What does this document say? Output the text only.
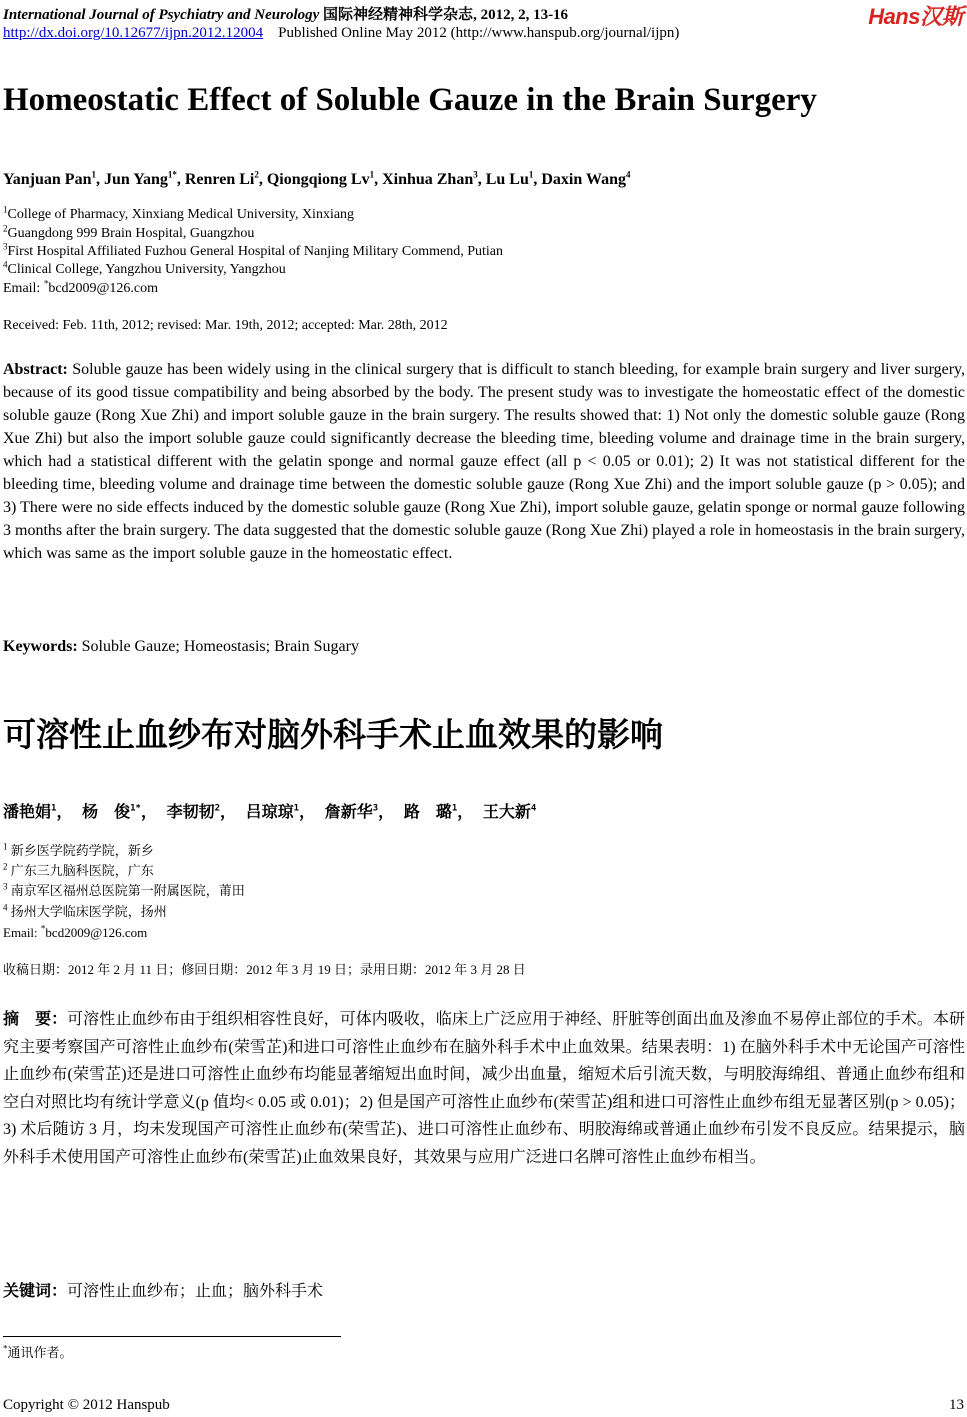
International Journal of Psychiatry and Neurology 国际神经精神科学杂志, 2012, 2, 13-16	Hans汉斯
http://dx.doi.org/10.12677/ijpn.2012.12004 Published Online May 2012 (http://www.hanspub.org/journal/ijpn)
Homeostatic Effect of Soluble Gauze in the Brain Surgery
Yanjuan Pan$^1$, Jun Yang$^{1*}$, Renren Li$^2$, Qiongqiong Lv$^1$, Xinhua Zhan$^3$, Lu Lu$^1$, Daxin Wang$^4$
$^1$College of Pharmacy, Xinxiang Medical University, Xinxiang
$^2$Guangdong 999 Brain Hospital, Guangzhou
$^3$First Hospital Affiliated Fuzhou General Hospital of Nanjing Military Commend, Putian
$^4$Clinical College, Yangzhou University, Yangzhou
Email: *bcd2009@126.com
Received: Feb. 11th, 2012; revised: Mar. 19th, 2012; accepted: Mar. 28th, 2012
Abstract: Soluble gauze has been widely using in the clinical surgery that is difficult to stanch bleeding, for example brain surgery and liver surgery, because of its good tissue compatibility and being absorbed by the body. The present study was to investigate the homeostatic effect of the domestic soluble gauze (Rong Xue Zhi) and import soluble gauze in the brain surgery. The results showed that: 1) Not only the domestic soluble gauze (Rong Xue Zhi) but also the import soluble gauze could significantly decrease the bleeding time, bleeding volume and drainage time in the brain surgery, which had a statistical different with the gelatin sponge and normal gauze effect (all p < 0.05 or 0.01); 2) It was not statistical different for the bleeding time, bleeding volume and drainage time between the domestic soluble gauze (Rong Xue Zhi) and the import soluble gauze (p > 0.05); and 3) There were no side effects induced by the domestic soluble gauze (Rong Xue Zhi), import soluble gauze, gelatin sponge or normal gauze following 3 months after the brain surgery. The data suggested that the domestic soluble gauze (Rong Xue Zhi) played a role in homeostasis in the brain surgery, which was same as the import soluble gauze in the homeostatic effect.
Keywords: Soluble Gauze; Homeostasis; Brain Sugary
可溶性止血纱布对脑外科手术止血效果的影响
潘艳娟$^1$， 杨　俊$^{1*}$， 李韧韧$^2$， 吕琼琼$^1$， 詹新华$^3$， 路　璐$^1$， 王大新$^4$
$^1$ 新乡医学院药学院，新乡
$^2$ 广东三九脑科医院，广东
$^3$ 南京军区福州总医院第一附属医院，莆田
$^4$ 扬州大学临床医学院，扬州
Email: *bcd2009@126.com
收稿日期：2012 年 2 月 11 日；修回日期：2012 年 3 月 19 日；录用日期：2012 年 3 月 28 日
摘　要：可溶性止血纱布由于组织相容性良好，可体内吸收，临床上广泛应用于神经、肝脏等创面出血及渗血不易停止部位的手术。本研究主要考察国产可溶性止血纱布(荣雪芷)和进口可溶性止血纱布在脑外科手术中止血效果。结果表明：1) 在脑外科手术中无论国产可溶性止血纱布(荣雪芷)还是进口可溶性止血纱布均能显著缩短出血时间，减少出血量，缩短术后引流天数，与明胶海绵组、普通止血纱布组和空白对照比均有统计学意义(p 值均< 0.05 或 0.01)；2) 但是国产可溶性止血纱布(荣雪芷)组和进口可溶性止血纱布组无显著区别(p > 0.05)；3) 术后随访 3 月，均未发现国产可溶性止血纱布(荣雪芷)、进口可溶性止血纱布、明胶海绵或普通止血纱布引发不良反应。结果提示，脑外科手术使用国产可溶性止血纱布(荣雪芷)止血效果良好，其效果与应用广泛进口名牌可溶性止血纱布相当。
关键词：可溶性止血纱布；止血；脑外科手术
*通讯作者。
Copyright © 2012 Hanspub	13
